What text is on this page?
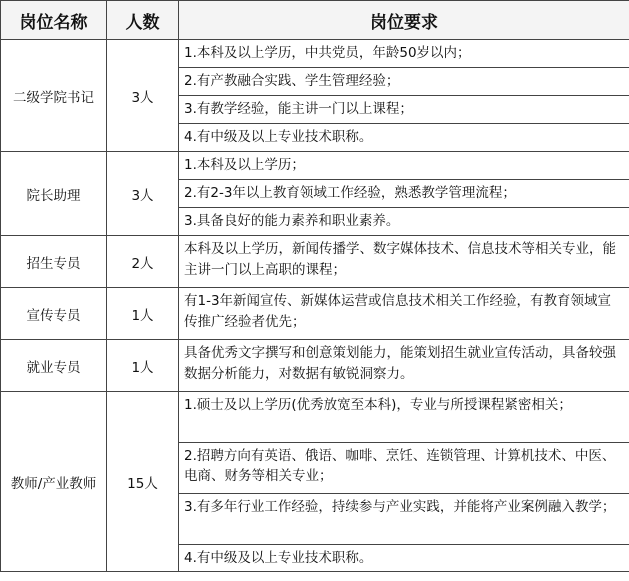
岗位名称	人数	岗位要求
二级学院书记	3人	1.本科及以上学历，中共党员，年龄50岁以内；
2.有产教融合实践、学生管理经验；
3.有教学经验，能主讲一门以上课程；
4.有中级及以上专业技术职称。

院长助理	3人	1.本科及以上学历；
2.有2-3年以上教育领域工作经验，熟悉教学管理流程；
3.具备良好的能力素养和职业素养。

招生专员	2人	本科及以上学历，新闻传播学、数字媒体技术、信息技术等相关专业，能主讲一门以上高职的课程；

宣传专员	1人	有1-3年新闻宣传、新媒体运营或信息技术相关工作经验，有教育领域宣传推广经验者优先；

就业专员	1人	具备优秀文字撰写和创意策划能力，能策划招生就业宣传活动，具备较强数据分析能力，对数据有敏锐洞察力。

教师/产业教师	15人	1.硕士及以上学历(优秀放宽至本科)，专业与所授课程紧密相关；
2.招聘方向有英语、俄语、咖啡、烹饪、连锁管理、计算机技术、中医、电商、财务等相关专业；
3.有多年行业工作经验，持续参与产业实践，并能将产业案例融入教学；
4.有中级及以上专业技术职称。
